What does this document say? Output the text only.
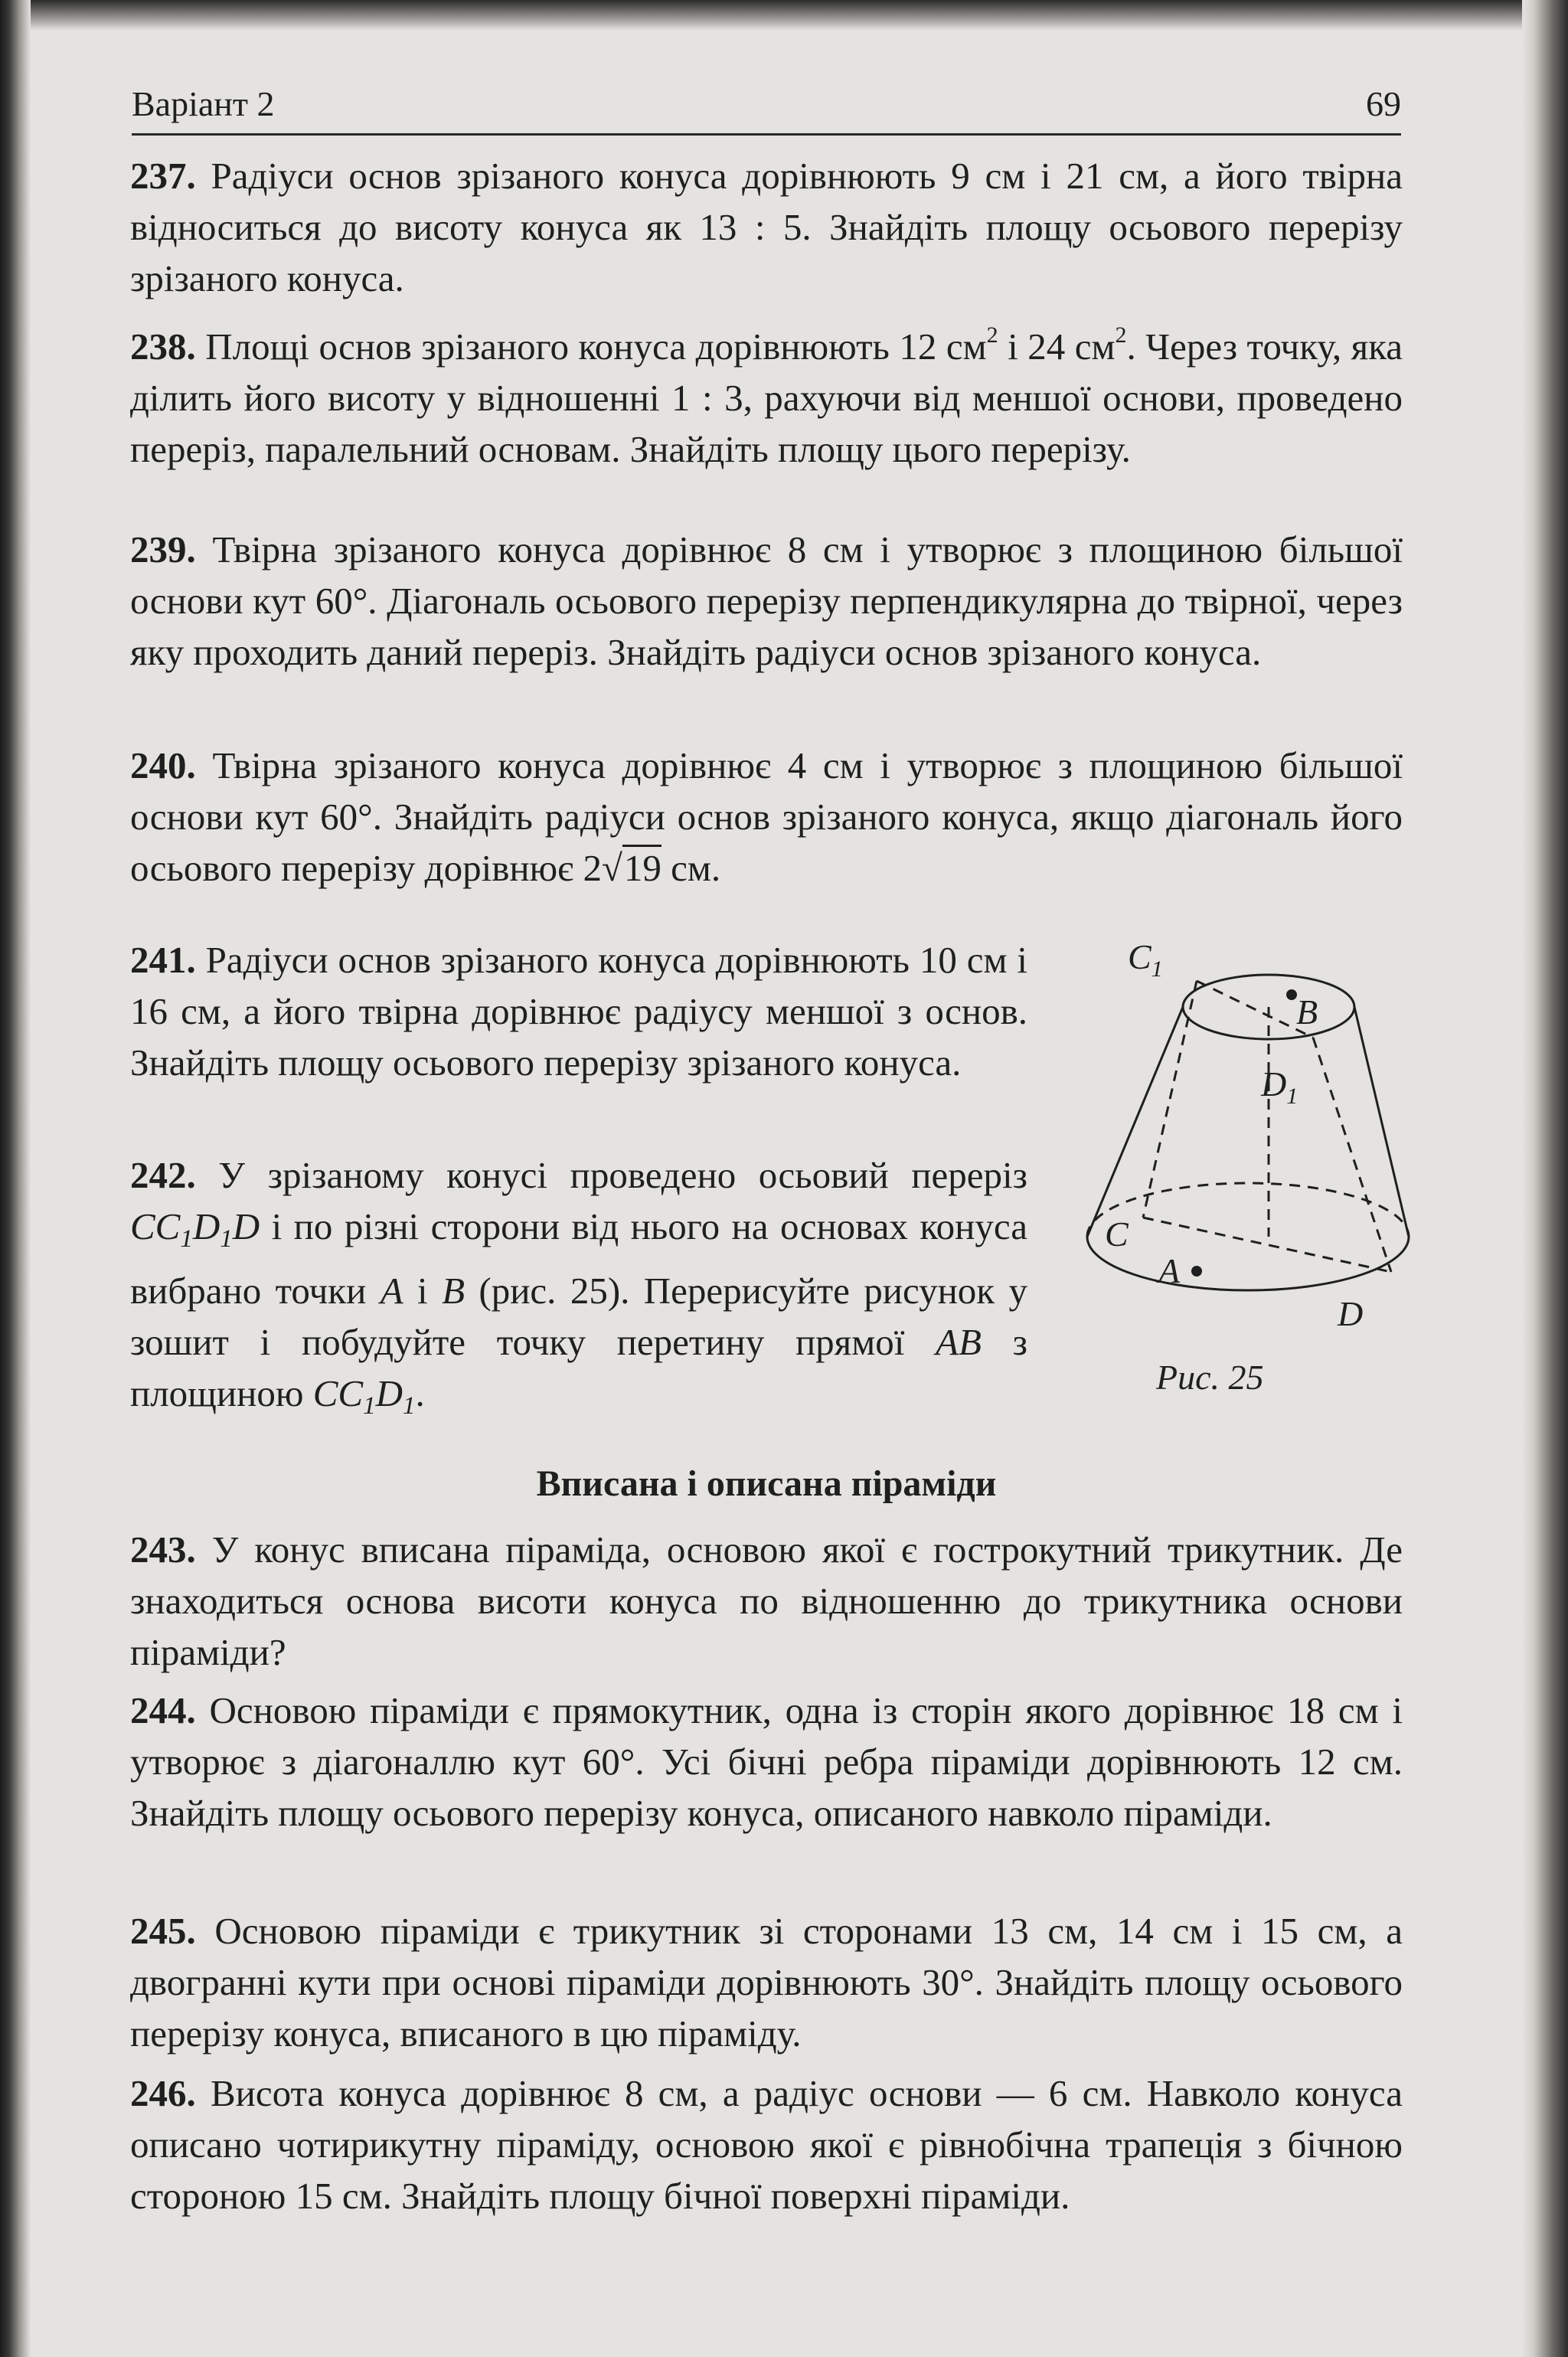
Варіант 2	69
237. Радіуси основ зрізаного конуса дорівнюють 9 см і 21 см, а його твірна відноситься до висоту конуса як 13 : 5. Знайдіть площу осьового перерізу зрізаного конуса.
238. Площі основ зрізаного конуса дорівнюють 12 $см^2$ і 24 $см^2$. Через точку, яка ділить його висоту у відношенні 1 : 3, рахуючи від меншої основи, проведено переріз, паралельний основам. Знайдіть площу цього перерізу.
239. Твірна зрізаного конуса дорівнює 8 см і утворює з площиною більшої основи кут 60°. Діагональ осьового перерізу перпендикулярна до твірної, через яку проходить даний переріз. Знайдіть радіуси основ зрізаного конуса.
240. Твірна зрізаного конуса дорівнює 4 см і утворює з площиною більшої основи кут 60°. Знайдіть радіуси основ зрізаного конуса, якщо діагональ його осьового перерізу дорівнює 2√19 см.
241. Радіуси основ зрізаного конуса дорівнюють 10 см і 16 см, а його твірна дорівнює радіусу меншої з основ. Знайдіть площу осьового перерізу зрізаного конуса.
242. У зрізаному конусі проведено осьовий переріз $CC_1D_1D$ і по різні сторони від нього на основах конуса вибрано точки A і B (рис. 25). Перерисуйте рисунок у зошит і побудуйте точку перетину прямої AB з площиною $CC_1D_1$.
$C_1$
B
$D_1$
C
A
D
Рис. 25
Вписана і описана піраміди
243. У конус вписана піраміда, основою якої є гострокутний трикутник. Де знаходиться основа висоти конуса по відношенню до трикутника основи піраміди?
244. Основою піраміди є прямокутник, одна із сторін якого дорівнює 18 см і утворює з діагоналлю кут 60°. Усі бічні ребра піраміди дорівнюють 12 см. Знайдіть площу осьового перерізу конуса, описаного навколо піраміди.
245. Основою піраміди є трикутник зі сторонами 13 см, 14 см і 15 см, а двогранні кути при основі піраміди дорівнюють 30°. Знайдіть площу осьового перерізу конуса, вписаного в цю піраміду.
246. Висота конуса дорівнює 8 см, а радіус основи — 6 см. Навколо конуса описано чотирикутну піраміду, основою якої є рівнобічна трапеція з бічною стороною 15 см. Знайдіть площу бічної поверхні піраміди.
